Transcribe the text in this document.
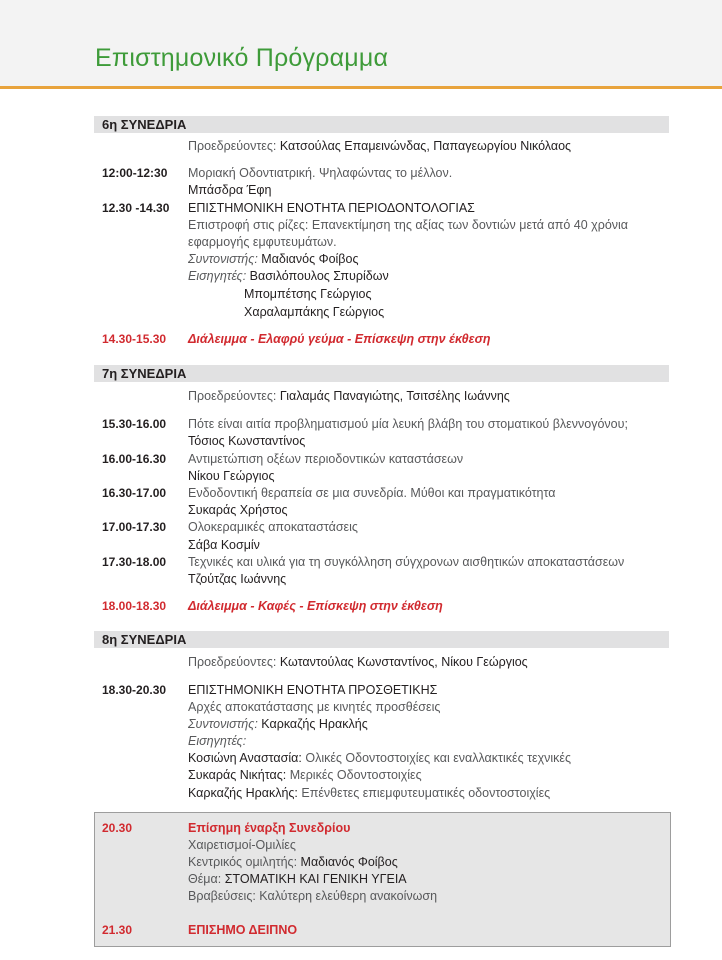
Επιστημονικό Πρόγραμμα
6η ΣΥΝΕΔΡΙΑ
Προεδρεύοντες: Κατσούλας Επαμεινώνδας, Παπαγεωργίου Νικόλαος
12:00-12:30 Μοριακή Οδοντιατρική. Ψηλαφώντας το μέλλον.
Μπάσδρα Έφη
12.30 -14.30 ΕΠΙΣΤΗΜΟΝΙΚΗ ΕΝΟΤΗΤΑ ΠΕΡΙΟΔΟΝΤΟΛΟΓΙΑΣ
Επιστροφή στις ρίζες: Επανεκτίμηση της αξίας των δοντιών μετά από 40 χρόνια
εφαρμογής εμφυτευμάτων.
Συντονιστής: Μαδιανός Φοίβος
Εισηγητές: Βασιλόπουλος Σπυρίδων
Μπομπέτσης Γεώργιος
Χαραλαμπάκης Γεώργιος
14.30-15.30 Διάλειμμα - Ελαφρύ γεύμα - Επίσκεψη στην έκθεση
7η ΣΥΝΕΔΡΙΑ
Προεδρεύοντες: Γιαλαμάς Παναγιώτης, Τσιτσέλης Ιωάννης
15.30-16.00 Πότε είναι αιτία προβληματισμού μία λευκή βλάβη του στοματικού βλεννογόνου;
Τόσιος Κωνσταντίνος
16.00-16.30 Αντιμετώπιση οξέων περιοδοντικών καταστάσεων
Νίκου Γεώργιος
16.30-17.00 Ενδοδοντική θεραπεία σε μια συνεδρία. Μύθοι και πραγματικότητα
Συκαράς Χρήστος
17.00-17.30 Ολοκεραμικές αποκαταστάσεις
Σάβα Κοσμίν
17.30-18.00 Τεχνικές και υλικά για τη συγκόλληση σύγχρονων αισθητικών αποκαταστάσεων
Τζούτζας Ιωάννης
18.00-18.30 Διάλειμμα - Καφές - Επίσκεψη στην έκθεση
8η ΣΥΝΕΔΡΙΑ
Προεδρεύοντες: Κωταντούλας Κωνσταντίνος, Νίκου Γεώργιος
18.30-20.30 ΕΠΙΣΤΗΜΟΝΙΚΗ ΕΝΟΤΗΤΑ ΠΡΟΣΘΕΤΙΚΗΣ
Αρχές αποκατάστασης με κινητές προσθέσεις
Συντονιστής: Καρκαζής Ηρακλής
Εισηγητές:
Κοσιώνη Αναστασία: Ολικές Οδοντοστοιχίες και εναλλακτικές τεχνικές
Συκαράς Νικήτας: Μερικές Οδοντοστοιχίες
Καρκαζής Ηρακλής: Επένθετες επιεμφυτευματικές οδοντοστοιχίες
20.30	Επίσημη έναρξη Συνεδρίου
Χαιρετισμοί-Ομιλίες
Κεντρικός ομιλητής: Μαδιανός Φοίβος
Θέμα: ΣΤΟΜΑΤΙΚΗ ΚΑΙ ΓΕΝΙΚΗ ΥΓΕΙΑ
Βραβεύσεις: Καλύτερη ελεύθερη ανακοίνωση
21.30	ΕΠΙΣΗΜΟ ΔΕΙΠΝΟ
